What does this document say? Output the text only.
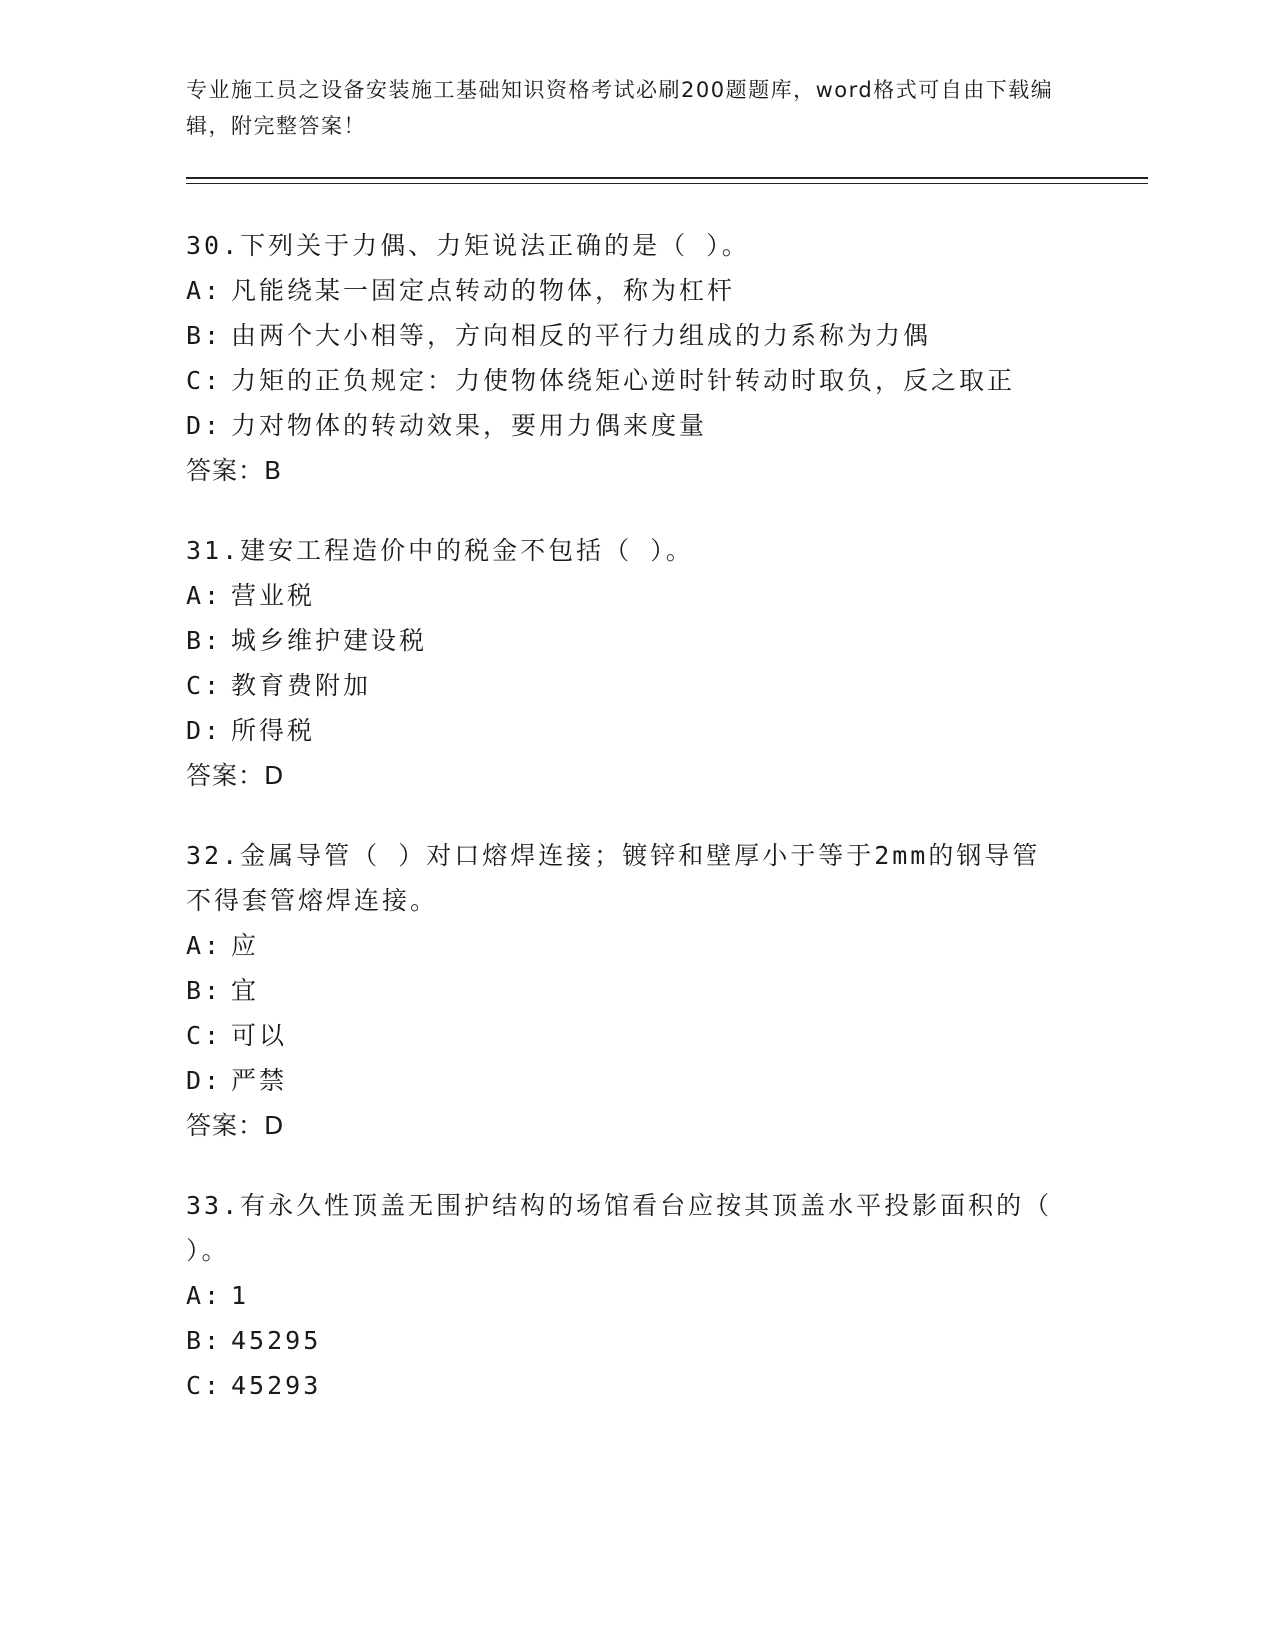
专业施工员之设备安装施工基础知识资格考试必刷200题题库，word格式可自由下载编辑，附完整答案！

30.下列关于力偶、力矩说法正确的是（ ）。

A: 凡能绕某一固定点转动的物体，称为杠杆
B: 由两个大小相等，方向相反的平行力组成的力系称为力偶
C: 力矩的正负规定：力使物体绕矩心逆时针转动时取负，反之取正
D: 力对物体的转动效果，要用力偶来度量

答案：B

31.建安工程造价中的税金不包括（ ）。

A: 营业税
B: 城乡维护建设税
C: 教育费附加
D: 所得税

答案：D

32.金属导管（ ）对口熔焊连接；镀锌和壁厚小于等于2mm的钢导管不得套管熔焊连接。

A: 应
B: 宜
C: 可以
D: 严禁

答案：D

33.有永久性顶盖无围护结构的场馆看台应按其顶盖水平投影面积的（ ）。

A: 1
B: 45295
C: 45293
